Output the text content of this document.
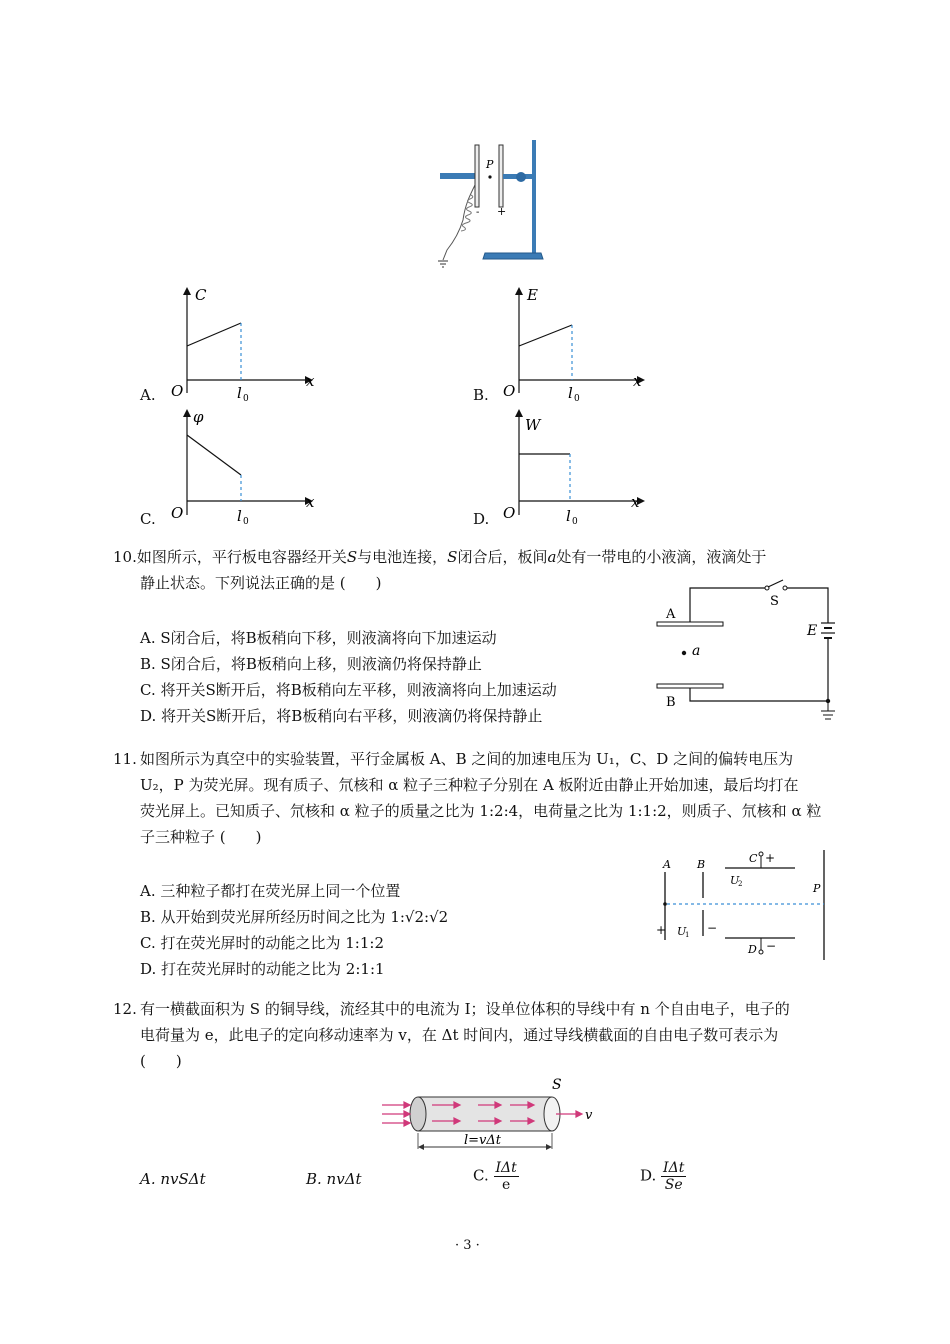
P
- +
A.
C
x
O	l 0	B.
E
x
O	l 0
C.
φ
x
O	l 0	D.
W
x
O	l 0
10.如图所示，平行板电容器经开关S与电池连接，S闭合后，板间a处有一带电的小液滴，液滴处于
静止状态。下列说法正确的是 (　　)
A. S闭合后，将B板稍向下移，则液滴将向下加速运动
B. S闭合后，将B板稍向上移，则液滴仍将保持静止
C. 将开关S断开后，将B板稍向左平移，则液滴将向上加速运动
D. 将开关S断开后，将B板稍向右平移，则液滴仍将保持静止
A
B
S
E
a
11. 如图所示为真空中的实验装置，平行金属板 A、B 之间的加速电压为 U₁，C、D 之间的偏转电压为
U₂，P 为荧光屏。现有质子、氘核和 α 粒子三种粒子分别在 A 板附近由静止开始加速，最后均打在
荧光屏上。已知质子、氘核和 α 粒子的质量之比为 1:2:4，电荷量之比为 1:1:2，则质子、氘核和 α 粒
子三种粒子 (　　)
A. 三种粒子都打在荧光屏上同一个位置
B. 从开始到荧光屏所经历时间之比为 1:√2:√2
C. 打在荧光屏时的动能之比为 1:1:2
D. 打在荧光屏时的动能之比为 2:1:1
A B	C +
D −
P
U
2
U
1
+	−
12. 有一横截面积为 S 的铜导线，流经其中的电流为 I；设单位体积的导线中有 n 个自由电子，电子的
电荷量为 e，此电子的定向移动速率为 v，在 Δt 时间内，通过导线横截面的自由电子数可表示为
(　　)
S
v
l=vΔt
A. nvSΔt	B. nvΔt	C. $\frac{\text{IΔt}}{e}$	D. $\frac{\text{IΔt}}{Se}$
· 3 ·
